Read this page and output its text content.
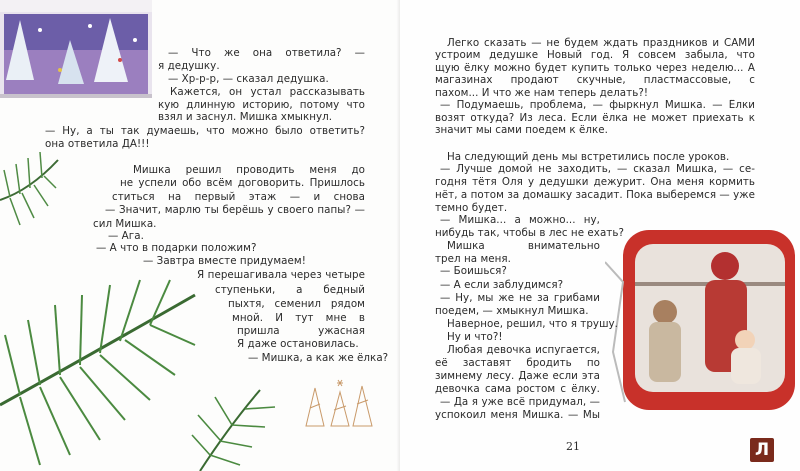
— Что же она ответила? —
я дедушку.
— Хр-р-р, — сказал дедушка.
Кажется, он устал рассказывать
кую длинную историю, потому что
взял и заснул. Мишка хмыкнул.
— Ну, а ты так думаешь, что можно было ответить?
она ответила ДА!!!
Мишка решил проводить меня до
не успели обо всём договорить. Пришлось
ститься на первый этаж — и снова
— Значит, марлю ты берёшь у своего папы? —
сил Мишка.
— Ага.
— А что в подарки положим?
— Завтра вместе придумаем!
Я перешагивала через четыре
ступеньки, а бедный
пыхтя, семенил рядом
мной. И тут мне в
пришла ужасная
Я даже остановилась.
— Мишка, а как же ёлка?
Легко сказать — не будем ждать праздников и САМИ
устроим дедушке Новый год. Я совсем забыла, что
щую ёлку можно будет купить только через неделю... А
магазинах продают скучные, пластмассовые, с
пахом... И что же нам теперь делать?!
— Подумаешь, проблема, — фыркнул Мишка. — Ёлки
возят откуда? Из леса. Если ёлка не может приехать к
значит мы сами поедем к ёлке.
На следующий день мы встретились после уроков.
— Лучше домой не заходить, — сказал Мишка, — се-
годня тётя Оля у дедушки дежурит. Она меня кормить
нёт, а потом за домашку засадит. Пока выберемся — уже
темно будет.
— Мишка... а можно... ну,
нибудь так, чтобы в лес не ехать?
Мишка внимательно
трел на меня.
— Боишься?
— А если заблудимся?
— Ну, мы же не за грибами
поедем, — хмыкнул Мишка.
Наверное, решил, что я трушу.
Ну и что?!
Любая девочка испугается,
её заставят бродить по
зимнему лесу. Даже если эта
девочка сама ростом с ёлку.
— Да я уже всё придумал, —
успокоил меня Мишка. — Мы
21	Л
